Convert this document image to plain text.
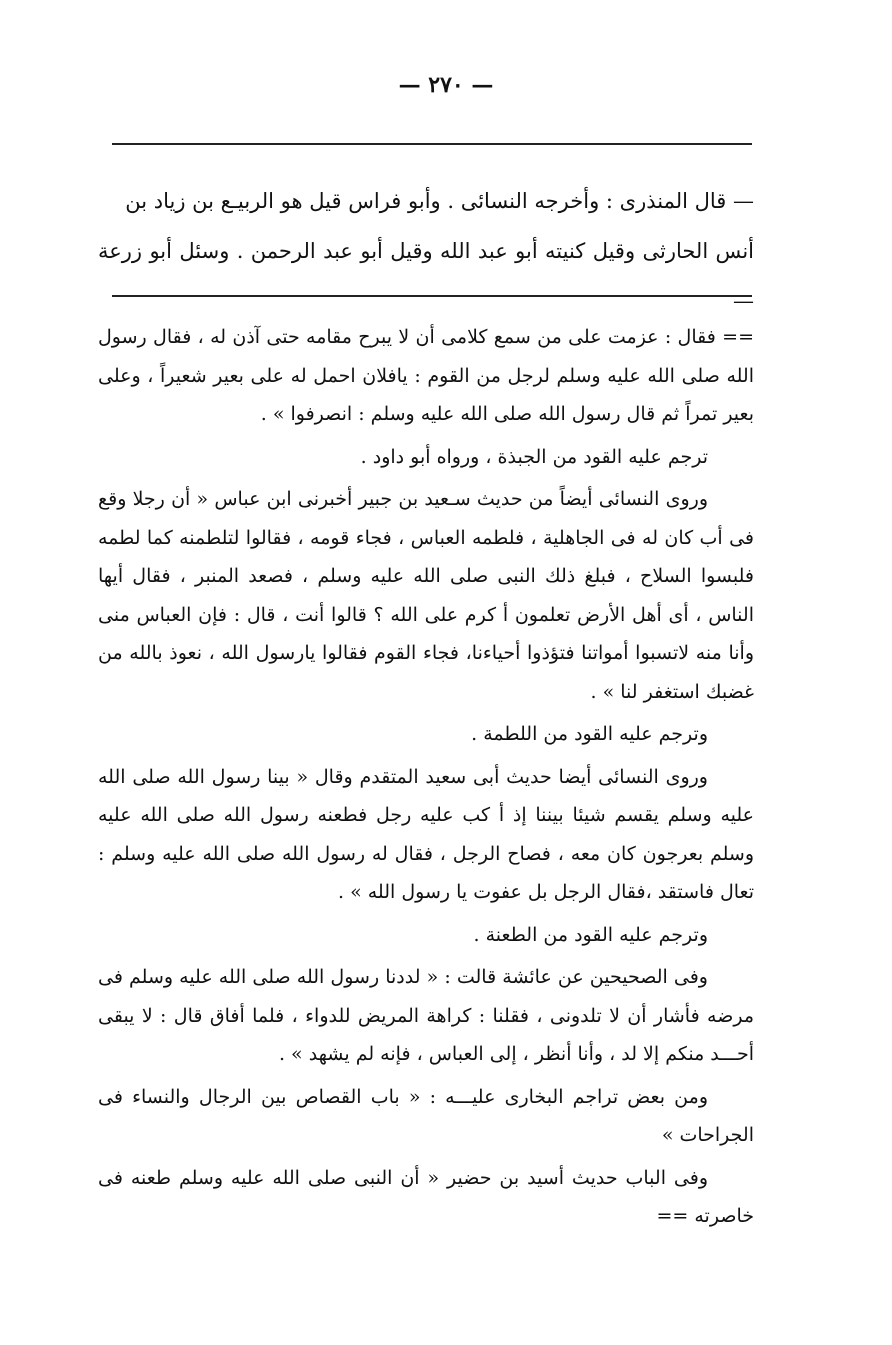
— ٢٧٠ —

— قال المنذرى : وأخرجه النسائى . وأبو فراس قيل هو الربيـع بن زياد بن

أنس الحارثى وقيل كنيته أبو عبد الله وقيل أبو عبد الرحمن . وسئل أبو زرعة —

== فقال : عزمت على من سمع كلامى أن لا يبرح مقامه حتى آذن له ، فقال رسول الله صلى الله عليه وسلم لرجل من القوم : يافلان احمل له على بعير شعيراً ، وعلى بعير تمراً ثم قال رسول الله صلى الله عليه وسلم : انصرفوا » .

ترجم عليه القود من الجبذة ، ورواه أبو داود .

وروى النسائى أيضاً من حديث سـعيد بن جبير أخبرنى ابن عباس « أن رجلا وقع فى أب كان له فى الجاهلية ، فلطمه العباس ، فجاء قومه ، فقالوا لتلطمنه كما لطمه فلبسوا السلاح ، فبلغ ذلك النبى صلى الله عليه وسلم ، فصعد المنبر ، فقال أيها الناس ، أى أهل الأرض تعلمون أ كرم على الله ؟ قالوا أنت ، قال : فإن العباس منى وأنا منه لاتسبوا أمواتنا فتؤذوا أحياءنا، فجاء القوم فقالوا يارسول الله ، نعوذ بالله من غضبك استغفر لنا » .

وترجم عليه القود من اللطمة .

وروى النسائى أيضا حديث أبى سعيد المتقدم وقال « بينا رسول الله صلى الله عليه وسلم يقسم شيئا بيننا إذ أ كب عليه رجل فطعنه رسول الله صلى الله عليه وسلم بعرجون كان معه ، فصاح الرجل ، فقال له رسول الله صلى الله عليه وسلم : تعال فاستقد ،فقال الرجل بل عفوت يا رسول الله » .

وترجم عليه القود من الطعنة .

وفى الصحيحين عن عائشة قالت : « لددنا رسول الله صلى الله عليه وسلم فى مرضه فأشار أن لا تلدونى ، فقلنا : كراهة المريض للدواء ، فلما أفاق قال : لا يبقى أحـــد منكم إلا لد ، وأنا أنظر ، إلى العباس ، فإنه لم يشهد » .

ومن بعض تراجم البخارى عليـــه : « باب القصاص بين الرجال والنساء فى الجراحات »

وفى الباب حديث أسيد بن حضير « أن النبى صلى الله عليه وسلم طعنه فى خاصرته ==
